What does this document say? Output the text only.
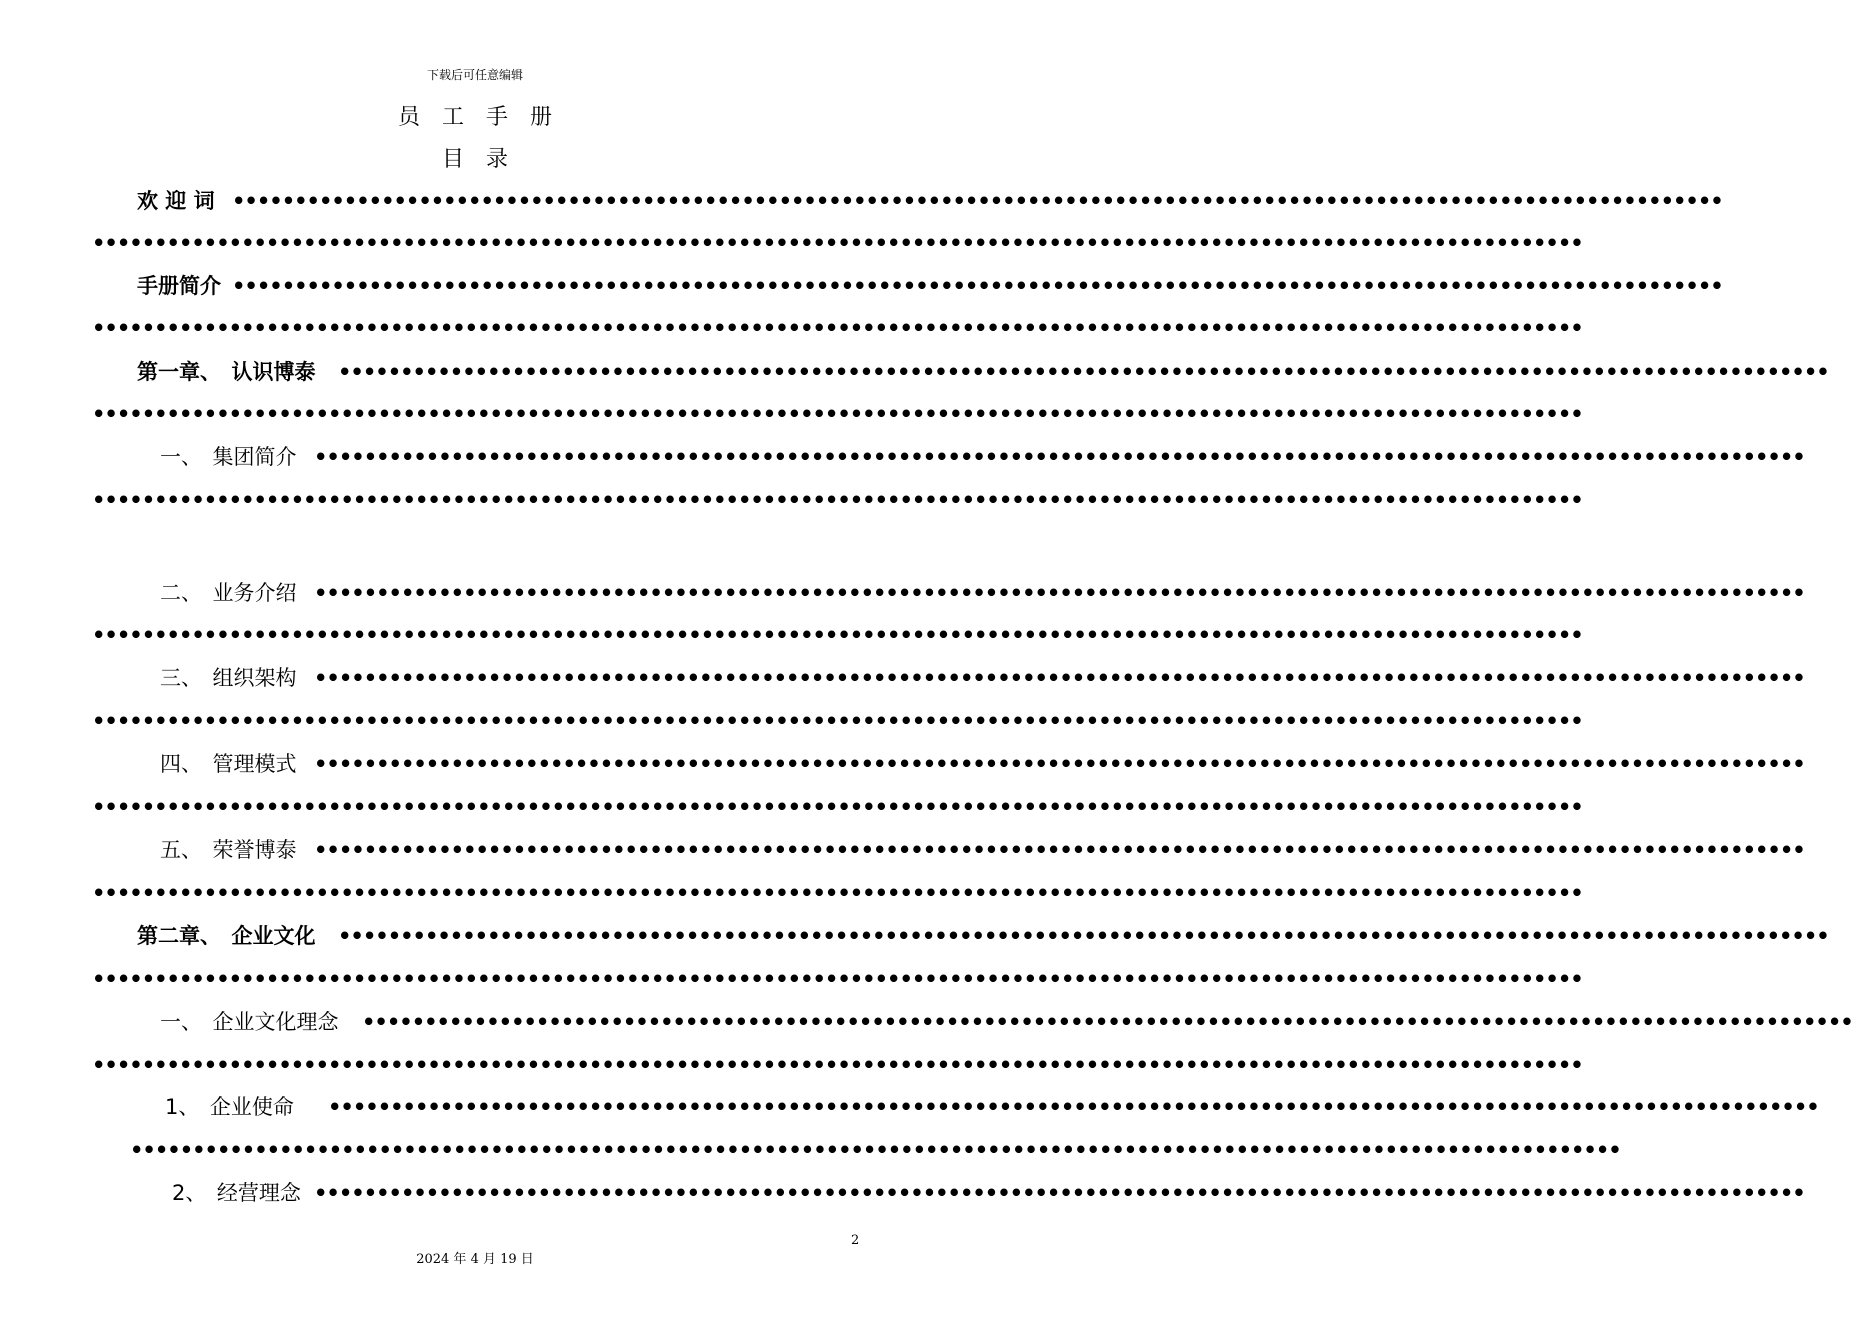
下载后可任意编辑
员　工　手　册
目　录
欢 迎 词 ••••••••••••••••••••••••••••••••••••••••••••••••••••••••••••••••••••••••••••••••••••••••••••••••••••••••••••••••••••••••
••••••••••••••••••••••••••••••••••••••••••••••••••••••••••••••••••••••••••••••••••••••••••••••••••••••••••••••••••••••••
手册简介 ••••••••••••••••••••••••••••••••••••••••••••••••••••••••••••••••••••••••••••••••••••••••••••••••••••••••••••••••••••••••
••••••••••••••••••••••••••••••••••••••••••••••••••••••••••••••••••••••••••••••••••••••••••••••••••••••••••••••••••••••••
第一章、　认识博泰 ••••••••••••••••••••••••••••••••••••••••••••••••••••••••••••••••••••••••••••••••••••••••••••••••••••••••••••••••••••••••
••••••••••••••••••••••••••••••••••••••••••••••••••••••••••••••••••••••••••••••••••••••••••••••••••••••••••••••••••••••••
一、　集团简介 ••••••••••••••••••••••••••••••••••••••••••••••••••••••••••••••••••••••••••••••••••••••••••••••••••••••••••••••••••••••••
••••••••••••••••••••••••••••••••••••••••••••••••••••••••••••••••••••••••••••••••••••••••••••••••••••••••••••••••••••••••
二、　业务介绍 ••••••••••••••••••••••••••••••••••••••••••••••••••••••••••••••••••••••••••••••••••••••••••••••••••••••••••••••••••••••••
••••••••••••••••••••••••••••••••••••••••••••••••••••••••••••••••••••••••••••••••••••••••••••••••••••••••••••••••••••••••
三、　组织架构 ••••••••••••••••••••••••••••••••••••••••••••••••••••••••••••••••••••••••••••••••••••••••••••••••••••••••••••••••••••••••
••••••••••••••••••••••••••••••••••••••••••••••••••••••••••••••••••••••••••••••••••••••••••••••••••••••••••••••••••••••••
四、　管理模式 ••••••••••••••••••••••••••••••••••••••••••••••••••••••••••••••••••••••••••••••••••••••••••••••••••••••••••••••••••••••••
••••••••••••••••••••••••••••••••••••••••••••••••••••••••••••••••••••••••••••••••••••••••••••••••••••••••••••••••••••••••
五、　荣誉博泰 ••••••••••••••••••••••••••••••••••••••••••••••••••••••••••••••••••••••••••••••••••••••••••••••••••••••••••••••••••••••••
••••••••••••••••••••••••••••••••••••••••••••••••••••••••••••••••••••••••••••••••••••••••••••••••••••••••••••••••••••••••
第二章、　企业文化 ••••••••••••••••••••••••••••••••••••••••••••••••••••••••••••••••••••••••••••••••••••••••••••••••••••••••••••••••••••••••
••••••••••••••••••••••••••••••••••••••••••••••••••••••••••••••••••••••••••••••••••••••••••••••••••••••••••••••••••••••••
一、　企业文化理念 ••••••••••••••••••••••••••••••••••••••••••••••••••••••••••••••••••••••••••••••••••••••••••••••••••••••••••••••••••••••••
••••••••••••••••••••••••••••••••••••••••••••••••••••••••••••••••••••••••••••••••••••••••••••••••••••••••••••••••••••••••
1、　企业使命 ••••••••••••••••••••••••••••••••••••••••••••••••••••••••••••••••••••••••••••••••••••••••••••••••••••••••••••••••••••••••
••••••••••••••••••••••••••••••••••••••••••••••••••••••••••••••••••••••••••••••••••••••••••••••••••••••••••••••••••••••••
2、　经营理念 ••••••••••••••••••••••••••••••••••••••••••••••••••••••••••••••••••••••••••••••••••••••••••••••••••••••••••••••••••••••••
2
2024 年 4 月 19 日
